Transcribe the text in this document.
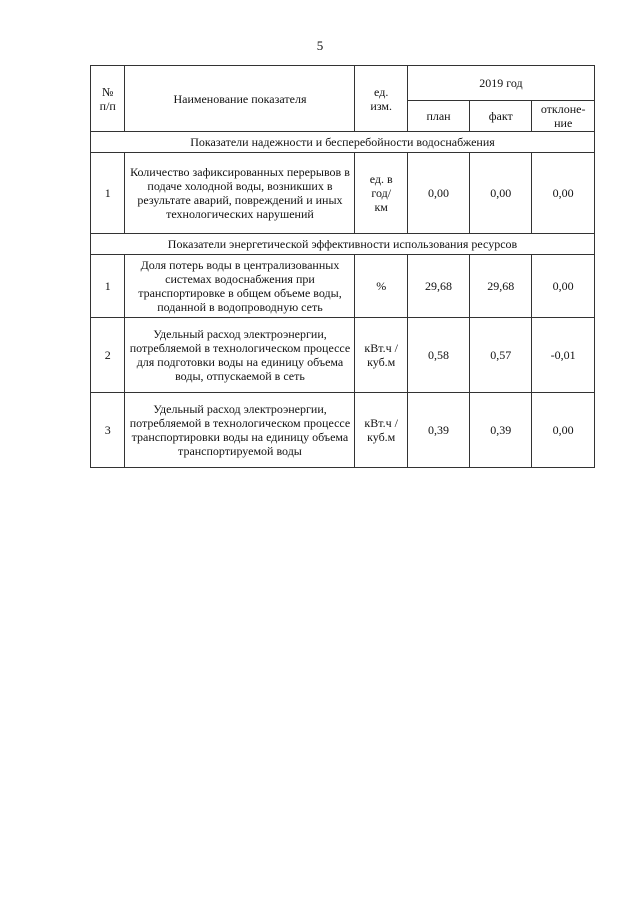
5
№
п/п	Наименование показателя	ед.
изм.	2019 год		
			план	факт	отклоне-
ние
Показатели надежности и бесперебойности водоснабжения					
1	Количество зафиксированных перерывов в подаче холодной воды, возникших в результате аварий, повреждений и иных технологических нарушений	ед. в
год/
км	0,00	0,00	0,00
Показатели энергетической эффективности использования ресурсов					
1	Доля потерь воды в централизованных системах водоснабжения при транспортировке в общем объеме воды, поданной в водопроводную сеть	%	29,68	29,68	0,00
2	Удельный расход электроэнергии, потребляемой в технологическом процессе для подготовки воды на единицу объема воды, отпускаемой в сеть	кВт.ч /
куб.м	0,58	0,57	-0,01
3	Удельный расход электроэнергии, потребляемой в технологическом процессе транспортировки воды на единицу объема транспортируемой воды	кВт.ч /
куб.м	0,39	0,39	0,00
